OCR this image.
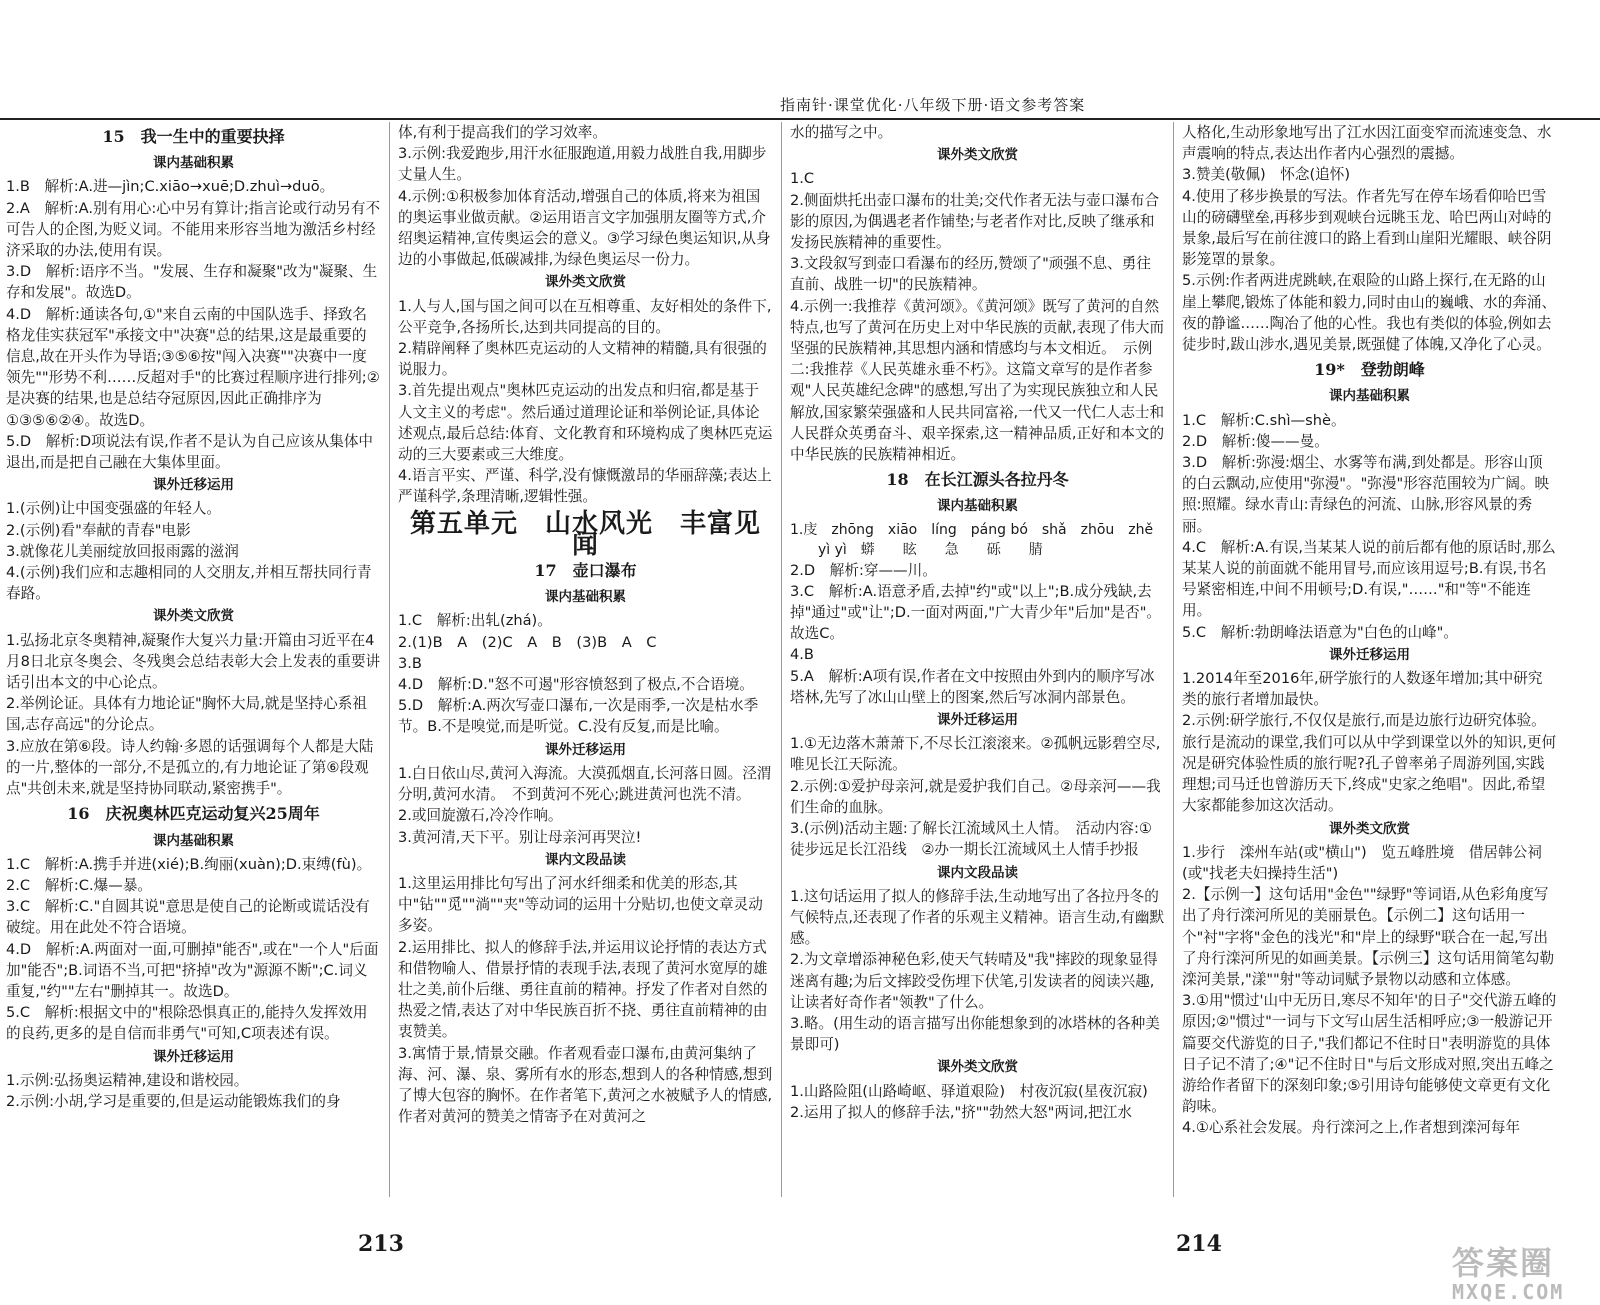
指南针·课堂优化·八年级下册·语文参考答案
15　我一生中的重要抉择
课内基础积累
1.B　解析:A.进—jìn;C.xiāo→xuē;D.zhuì→duō。
2.A　解析:A.别有用心:心中另有算计;指言论或行动另有不可告人的企图,为贬义词。不能用来形容当地为激活乡村经济采取的办法,使用有误。
3.D　解析:语序不当。"发展、生存和凝聚"改为"凝聚、生存和发展"。故选D。
4.D　解析:通读各句,①"来自云南的中国队选手、择致名格龙佳实获冠军"承接文中"决赛"总的结果,这是最重要的信息,故在开头作为导语;③⑤⑥按"闯入决赛""决赛中一度领先""形势不利……反超对手"的比赛过程顺序进行排列;②是决赛的结果,也是总结夺冠原因,因此正确排序为①③⑤⑥②④。故选D。
5.D　解析:D项说法有误,作者不是认为自己应该从集体中退出,而是把自己融在大集体里面。
课外迁移运用
1.(示例)让中国变强盛的年轻人。
2.(示例)看"奉献的青春"电影
3.就像花儿美丽绽放回报雨露的滋润
4.(示例)我们应和志趣相同的人交朋友,并相互帮扶同行青春路。
课外类文欣赏
1.弘扬北京冬奥精神,凝聚作大复兴力量:开篇由习近平在4月8日北京冬奥会、冬残奥会总结表彰大会上发表的重要讲话引出本文的中心论点。
2.举例论证。具体有力地论证"胸怀大局,就是坚持心系祖国,志存高远"的分论点。
3.应放在第⑥段。诗人约翰·多恩的话强调每个人都是大陆的一片,整体的一部分,不是孤立的,有力地论证了第⑥段观点"共创未来,就是坚持协同联动,紧密携手"。
16　庆祝奥林匹克运动复兴25周年
课内基础积累
1.C　解析:A.携手并进(xié);B.绚丽(xuàn);D.束缚(fù)。
2.C　解析:C.爆—暴。
3.C　解析:C."自圆其说"意思是使自己的论断或谎话没有破绽。用在此处不符合语境。
4.D　解析:A.两面对一面,可删掉"能否",或在"一个人"后面加"能否";B.词语不当,可把"挤掉"改为"源源不断";C.词义重复,"约""左右"删掉其一。故选D。
5.C　解析:根据文中的"根除恐惧真正的,能持久发挥效用的良药,更多的是自信而非勇气"可知,C项表述有误。
课外迁移运用
1.示例:弘扬奥运精神,建设和谐校园。
2.示例:小胡,学习是重要的,但是运动能锻炼我们的身
体,有利于提高我们的学习效率。
3.示例:我爱跑步,用汗水征服跑道,用毅力战胜自我,用脚步丈量人生。
4.示例:①积极参加体育活动,增强自己的体质,将来为祖国的奥运事业做贡献。②运用语言文字加强朋友圈等方式,介绍奥运精神,宣传奥运会的意义。③学习绿色奥运知识,从身边的小事做起,低碳减排,为绿色奥运尽一份力。
课外类文欣赏
1.人与人,国与国之间可以在互相尊重、友好相处的条件下,公平竞争,各扬所长,达到共同提高的目的。
2.精辟阐释了奥林匹克运动的人文精神的精髓,具有很强的说服力。
3.首先提出观点"奥林匹克运动的出发点和归宿,都是基于人文主义的考虑"。然后通过道理论证和举例论证,具体论述观点,最后总结:体育、文化教育和环境构成了奥林匹克运动的三大要素或三大维度。
4.语言平实、严谨、科学,没有慷慨激昂的华丽辞藻;表达上严谨科学,条理清晰,逻辑性强。
第五单元　山水风光　丰富见闻
17　壶口瀑布
课内基础积累
1.C　解析:出轧(zhá)。
2.(1)B　A　(2)C　A　B　(3)B　A　C
3.B
4.D　解析:D."怒不可遏"形容愤怒到了极点,不合语境。
5.D　解析:A.两次写壶口瀑布,一次是雨季,一次是枯水季节。B.不是嗅觉,而是听觉。C.没有反复,而是比喻。
课外迁移运用
1.白日依山尽,黄河入海流。大漠孤烟直,长河落日圆。泾渭分明,黄河水清。　不到黄河不死心;跳进黄河也洗不清。
2.或回旋激石,冷冷作响。
3.黄河清,天下平。别让母亲河再哭泣!
课内文段品读
1.这里运用排比句写出了河水纤细柔和优美的形态,其中"钻""觅""淌""夹"等动词的运用十分贴切,也使文章灵动多姿。
2.运用排比、拟人的修辞手法,并运用议论抒情的表达方式和借物喻人、借景抒情的表现手法,表现了黄河水宽厚的雄壮之美,前仆后继、勇往直前的精神。抒发了作者对自然的热爱之情,表达了对中华民族百折不挠、勇往直前精神的由衷赞美。
3.寓情于景,情景交融。作者观看壶口瀑布,由黄河集纳了海、河、瀑、泉、雾所有水的形态,想到人的各种情感,想到了博大包容的胸怀。在作者笔下,黄河之水被赋予人的情感,作者对黄河的赞美之情寄予在对黄河之
水的描写之中。
课外类文欣赏
1.C
2.侧面烘托出壶口瀑布的壮美;交代作者无法与壶口瀑布合影的原因,为偶遇老者作铺垫;与老者作对比,反映了继承和发扬民族精神的重要性。
3.文段叙写到壶口看瀑布的经历,赞颂了"顽强不息、勇往直前、战胜一切"的民族精神。
4.示例一:我推荐《黄河颂》。《黄河颂》既写了黄河的自然特点,也写了黄河在历史上对中华民族的贡献,表现了伟大而坚强的民族精神,其思想内涵和情感均与本文相近。　示例二:我推荐《人民英雄永垂不朽》。这篇文章写的是作者参观"人民英雄纪念碑"的感想,写出了为实现民族独立和人民解放,国家繁荣强盛和人民共同富裕,一代又一代仁人志士和人民群众英勇奋斗、艰辛探索,这一精神品质,正好和本文的中华民族的民族精神相近。
18　在长江源头各拉丹冬
课内基础积累
1.庋　zhōng　xiāo　líng　páng bó　shǎ　zhōu　zhě
　　yì yì　蟒　　眩　　急　　砾　　腈
2.D　解析:穿——川。
3.C　解析:A.语意矛盾,去掉"约"或"以上";B.成分残缺,去掉"通过"或"让";D.一面对两面,"广大青少年"后加"是否"。故选C。
4.B
5.A　解析:A项有误,作者在文中按照由外到内的顺序写冰塔林,先写了冰山山壁上的图案,然后写冰洞内部景色。
课外迁移运用
1.①无边落木萧萧下,不尽长江滚滚来。②孤帆远影碧空尽,唯见长江天际流。
2.示例:①爱护母亲河,就是爱护我们自己。②母亲河——我们生命的血脉。
3.(示例)活动主题:了解长江流域风土人情。　活动内容:①徒步远足长江沿线　②办一期长江流域风土人情手抄报
课内文段品读
1.这句话运用了拟人的修辞手法,生动地写出了各拉丹冬的气候特点,还表现了作者的乐观主义精神。语言生动,有幽默感。
2.为文章增添神秘色彩,使天气转晴及"我"摔跤的现象显得迷离有趣;为后文摔跤受伤埋下伏笔,引发读者的阅读兴趣,让读者好奇作者"领教"了什么。
3.略。(用生动的语言描写出你能想象到的冰塔林的各种美景即可)
课外类文欣赏
1.山路险阻(山路崎岖、驿道艰险)　村夜沉寂(星夜沉寂)
2.运用了拟人的修辞手法,"挤""勃然大怒"两词,把江水
人格化,生动形象地写出了江水因江面变窄而流速变急、水声震响的特点,表达出作者内心强烈的震撼。
3.赞美(敬佩)　怀念(追怀)
4.使用了移步换景的写法。作者先写在停车场看仰哈巴雪山的磅礴壁垒,再移步到观峡台远眺玉龙、哈巴两山对峙的景象,最后写在前往渡口的路上看到山崖阳光耀眼、峡谷阴影笼罩的景象。
5.示例:作者两进虎跳峡,在艰险的山路上探行,在无路的山崖上攀爬,锻炼了体能和毅力,同时由山的巍峨、水的奔涌、夜的静谧……陶冶了他的心性。我也有类似的体验,例如去徒步时,跋山涉水,遇见美景,既强健了体魄,又净化了心灵。
19*　登勃朗峰
课内基础积累
1.C　解析:C.shì—shè。
2.D　解析:傻——曼。
3.D　解析:弥漫:烟尘、水雾等布满,到处都是。形容山顶的白云飘动,应使用"弥漫"。"弥漫"形容范围较为广阔。映照:照耀。绿水青山:青绿色的河流、山脉,形容风景的秀丽。
4.C　解析:A.有误,当某某人说的前后都有他的原话时,那么某某人说的前面就不能用冒号,而应该用逗号;B.有误,书名号紧密相连,中间不用顿号;D.有误,"……"和"等"不能连用。
5.C　解析:勃朗峰法语意为"白色的山峰"。
课外迁移运用
1.2014年至2016年,研学旅行的人数逐年增加;其中研究类的旅行者增加最快。
2.示例:研学旅行,不仅仅是旅行,而是边旅行边研究体验。旅行是流动的课堂,我们可以从中学到课堂以外的知识,更何况是研究体验性质的旅行呢?孔子曾率弟子周游列国,实践理想;司马迁也曾游历天下,终成"史家之绝唱"。因此,希望大家都能参加这次活动。
课外类文欣赏
1.步行　滦州车站(或"横山")　览五峰胜境　借居韩公祠(或"找老夫妇操持生活")
2.【示例一】这句话用"金色""绿野"等词语,从色彩角度写出了舟行滦河所见的美丽景色。【示例二】这句话用一个"衬"字将"金色的浅光"和"岸上的绿野"联合在一起,写出了舟行滦河所见的如画美景。【示例三】这句话用简笔勾勒滦河美景,"漾""射"等动词赋予景物以动感和立体感。
3.①用"惯过'山中无历日,寒尽不知年'的日子"交代游五峰的原因;②"惯过"一词与下文写山居生活相呼应;③一般游记开篇要交代游览的日子,"我们都记不住时日"表明游览的具体日子记不清了;④"记不住时日"与后文形成对照,突出五峰之游给作者留下的深刻印象;⑤引用诗句能够使文章更有文化韵味。
4.①心系社会发展。舟行滦河之上,作者想到滦河每年
213	214	答案圈
MXQE.COM
